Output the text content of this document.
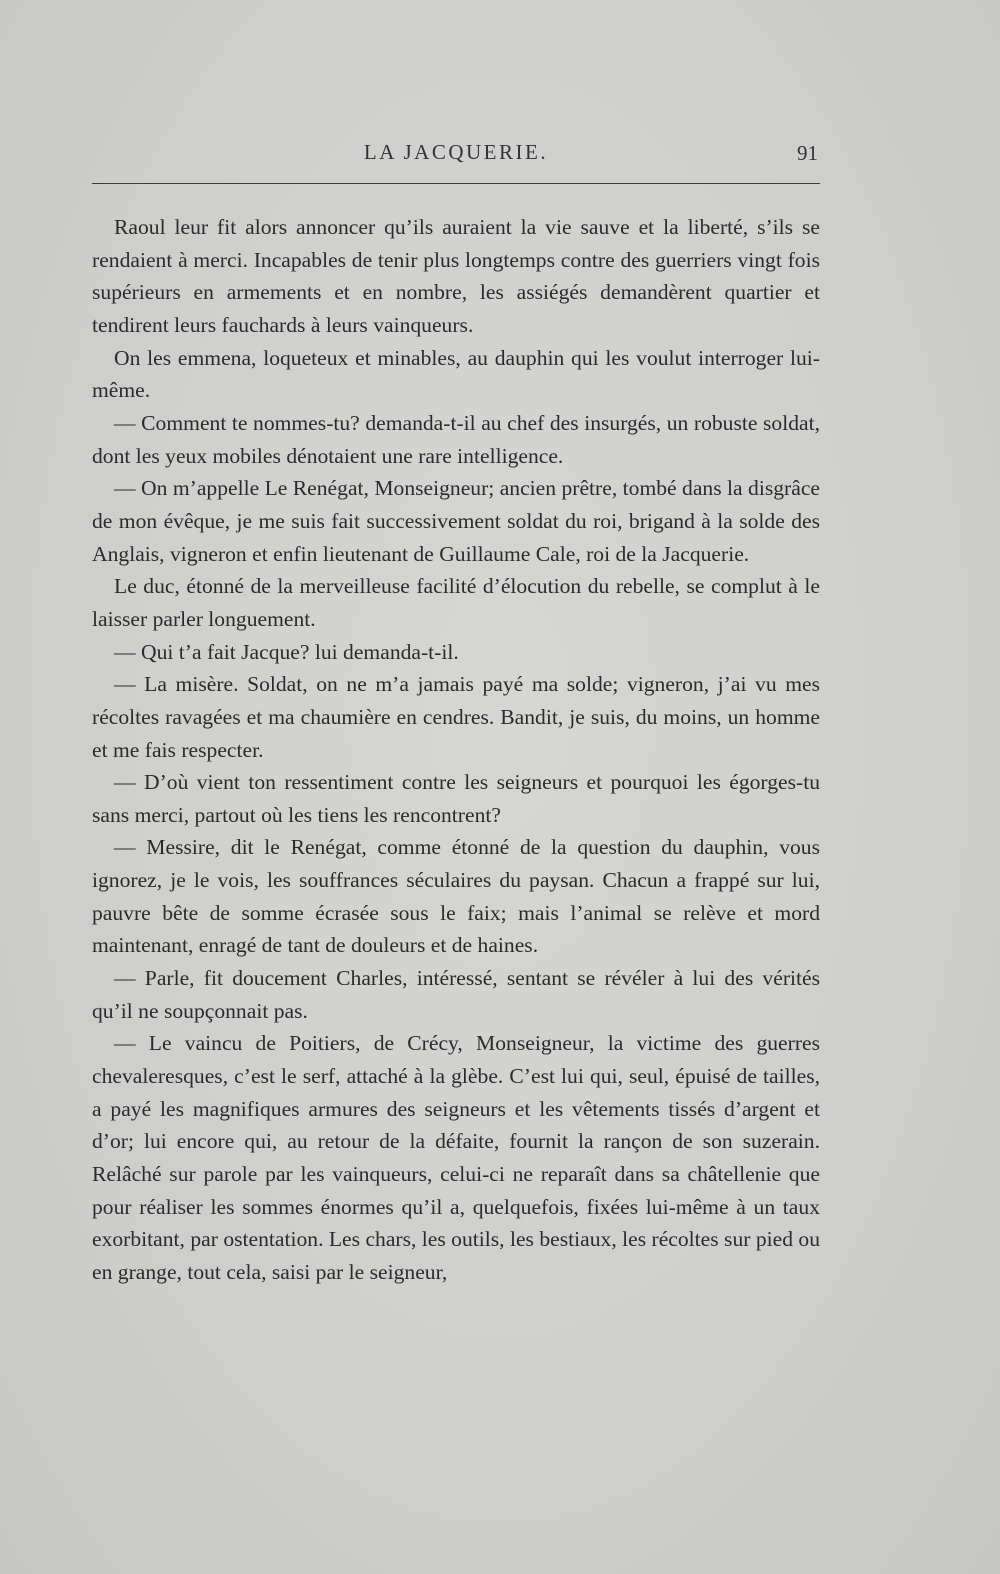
LA JACQUERIE.	91

Raoul leur fit alors annoncer qu’ils auraient la vie sauve et la liberté, s’ils se rendaient à merci. Incapables de tenir plus longtemps contre des guerriers vingt fois supérieurs en armements et en nombre, les assiégés demandèrent quartier et tendirent leurs fauchards à leurs vainqueurs.

On les emmena, loqueteux et minables, au dauphin qui les voulut interroger lui-même.

— Comment te nommes-tu? demanda-t-il au chef des insurgés, un robuste soldat, dont les yeux mobiles dénotaient une rare intelligence.

— On m’appelle Le Renégat, Monseigneur; ancien prêtre, tombé dans la disgrâce de mon évêque, je me suis fait successivement soldat du roi, brigand à la solde des Anglais, vigneron et enfin lieutenant de Guillaume Cale, roi de la Jacquerie.

Le duc, étonné de la merveilleuse facilité d’élocution du rebelle, se complut à le laisser parler longuement.

— Qui t’a fait Jacque? lui demanda-t-il.

— La misère. Soldat, on ne m’a jamais payé ma solde; vigneron, j’ai vu mes récoltes ravagées et ma chaumière en cendres. Bandit, je suis, du moins, un homme et me fais respecter.

— D’où vient ton ressentiment contre les seigneurs et pourquoi les égorges-tu sans merci, partout où les tiens les rencontrent?

— Messire, dit le Renégat, comme étonné de la question du dauphin, vous ignorez, je le vois, les souffrances séculaires du paysan. Chacun a frappé sur lui, pauvre bête de somme écrasée sous le faix; mais l’animal se relève et mord maintenant, enragé de tant de douleurs et de haines.

— Parle, fit doucement Charles, intéressé, sentant se révéler à lui des vérités qu’il ne soupçonnait pas.

— Le vaincu de Poitiers, de Crécy, Monseigneur, la victime des guerres chevaleresques, c’est le serf, attaché à la glèbe. C’est lui qui, seul, épuisé de tailles, a payé les magnifiques armures des seigneurs et les vêtements tissés d’argent et d’or; lui encore qui, au retour de la défaite, fournit la rançon de son suzerain. Relâché sur parole par les vainqueurs, celui-ci ne reparaît dans sa châtellenie que pour réaliser les sommes énormes qu’il a, quelquefois, fixées lui-même à un taux exorbitant, par ostentation. Les chars, les outils, les bestiaux, les récoltes sur pied ou en grange, tout cela, saisi par le seigneur,
